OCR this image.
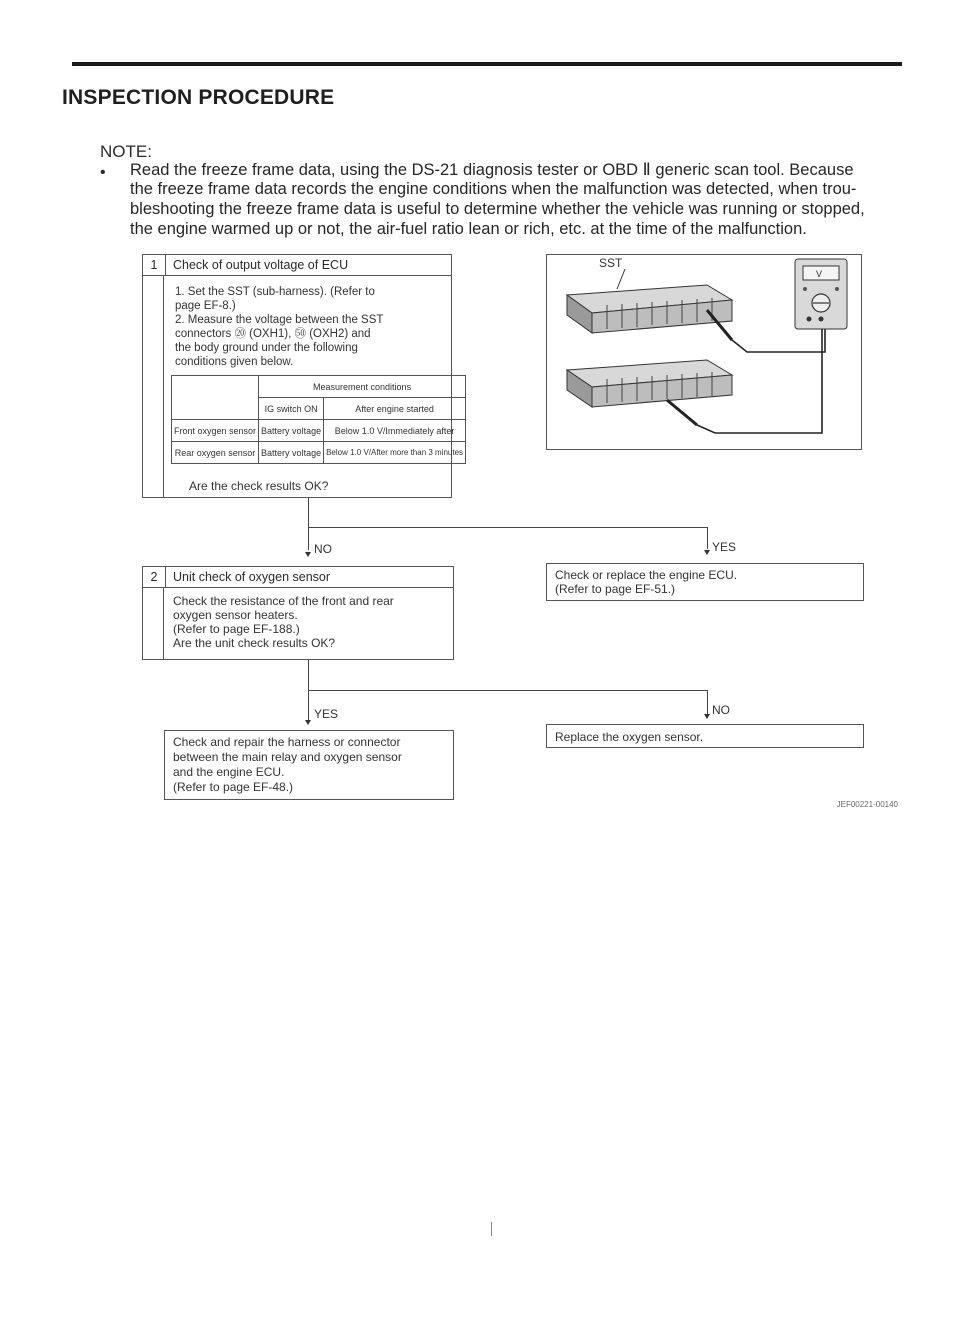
INSPECTION PROCEDURE
NOTE:
• Read the freeze frame data, using the DS-21 diagnosis tester or OBD Ⅱ generic scan tool. Because
the freeze frame data records the engine conditions when the malfunction was detected, when trou-
bleshooting the freeze frame data is useful to determine whether the vehicle was running or stopped,
the engine warmed up or not, the air-fuel ratio lean or rich, etc. at the time of the malfunction.
1	Check of output voltage of ECU
1. Set the SST (sub-harness). (Refer to
page EF-8.)
2. Measure the voltage between the SST
connectors ⑳ (OXH1), ㊿ (OXH2) and
the body ground under the following
conditions given below.
	Measurement conditions	
	IG switch ON	After engine started
Front oxygen sensor	Battery voltage	Below 1.0 V/Immediately after
Rear oxygen sensor	Battery voltage	Below 1.0 V/After more than 3 minutes
Are the check results OK?
SST
V
NO	YES
Check or replace the engine ECU.
(Refer to page EF-51.)
2	Unit check of oxygen sensor
Check the resistance of the front and rear
oxygen sensor heaters.
(Refer to page EF-188.)
Are the unit check results OK?
YES	NO
Check and repair the harness or connector
between the main relay and oxygen sensor
and the engine ECU.
(Refer to page EF-48.)
Replace the oxygen sensor.
JEF00221-00140
